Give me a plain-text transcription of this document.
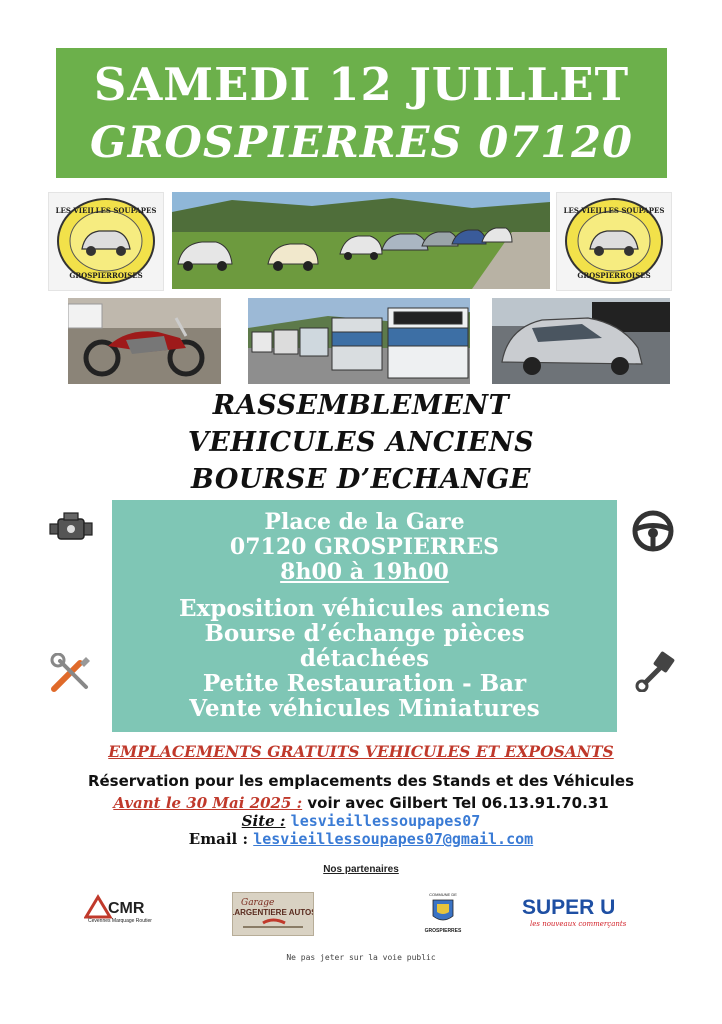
SAMEDI 12 JUILLET
GROSPIERRES 07120
LES VIEILLES SOUPAPES
GROSPIERROISES
LES VIEILLES SOUPAPES
GROSPIERROISES
RASSEMBLEMENT
VEHICULES ANCIENS
BOURSE D’ECHANGE
Place de la Gare
07120 GROSPIERRES
8h00 à 19h00
Exposition véhicules anciens
Bourse d’échange pièces
détachées
Petite Restauration - Bar
Vente véhicules Miniatures
EMPLACEMENTS GRATUITS VEHICULES ET EXPOSANTS
Réservation pour les emplacements des Stands et des Véhicules
Avant le 30 Mai 2025 : voir avec Gilbert Tel 06.13.91.70.31
Site : lesvieillessoupapes07
Email : lesvieillessoupapes07@gmail.com
Nos partenaires
CMR
Cevennes Marquage Routier
Garage
LARGENTIERE AUTOS
COMMUNE DE
GROSPIERRES
SUPER U
les nouveaux commerçants
Ne pas jeter sur la voie public
